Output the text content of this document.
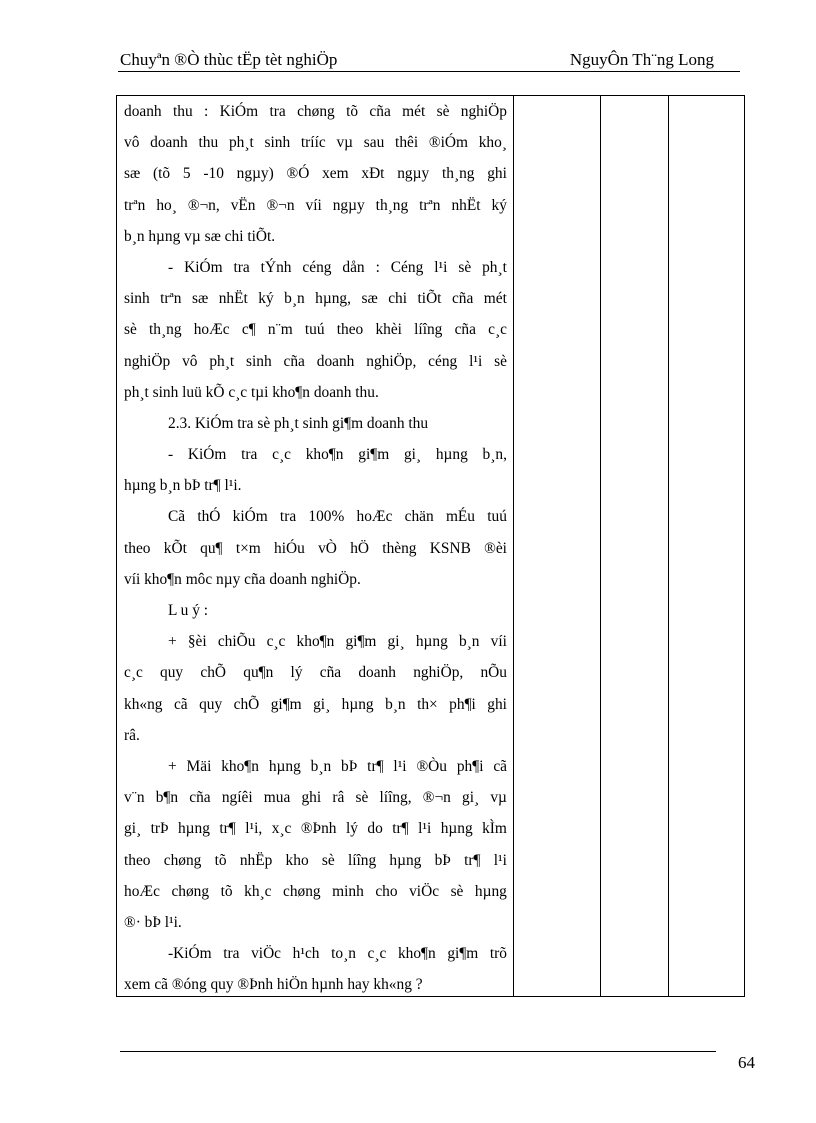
Chuyªn ®Ò thùc tËp tèt nghiÖp	NguyÔn Th¨ng Long
doanh thu : KiÓm tra chøng tõ cña mét sè nghiÖp
vô doanh thu ph¸t sinh trííc vµ sau thêi ®iÓm kho¸
sæ (tõ 5 -10 ngµy) ®Ó xem xÐt ngµy th¸ng ghi
trªn ho¸ ®¬n, vËn ®¬n víi ngµy th¸ng trªn nhËt ký
b¸n hµng vµ sæ chi tiÕt.
- KiÓm tra tÝnh céng dån : Céng l¹i sè ph¸t
sinh trªn sæ nhËt ký b¸n hµng, sæ chi tiÕt cña mét
sè th¸ng hoÆc c¶ n¨m tuú theo khèi líîng cña c¸c
nghiÖp vô ph¸t sinh cña doanh nghiÖp, céng l¹i sè
ph¸t sinh luü kÕ c¸c tµi kho¶n doanh thu.
2.3. KiÓm tra sè ph¸t sinh gi¶m doanh thu
- KiÓm tra c¸c kho¶n gi¶m gi¸ hµng b¸n,
hµng b¸n bÞ tr¶ l¹i.
Cã thÓ kiÓm tra 100% hoÆc chän mÉu tuú
theo kÕt qu¶ t×m hiÓu vÒ hÖ thèng KSNB ®èi
víi kho¶n môc nµy cña doanh nghiÖp.
L u ý :
+ §èi chiÕu c¸c kho¶n gi¶m gi¸ hµng b¸n víi
c¸c quy chÕ qu¶n lý cña doanh nghiÖp, nÕu
kh«ng cã quy chÕ gi¶m gi¸ hµng b¸n th× ph¶i ghi
râ.
+ Mäi kho¶n hµng b¸n bÞ tr¶ l¹i ®Òu ph¶i cã
v¨n b¶n cña ngíêi mua ghi râ sè líîng, ®¬n gi¸ vµ
gi¸ trÞ hµng tr¶ l¹i, x¸c ®Þnh lý do tr¶ l¹i hµng kÌm
theo chøng tõ nhËp kho sè líîng hµng bÞ tr¶ l¹i
hoÆc chøng tõ kh¸c chøng minh cho viÖc sè hµng
®· bÞ l¹i.
-KiÓm tra viÖc h¹ch to¸n c¸c kho¶n gi¶m trõ
xem cã ®óng quy ®Þnh hiÖn hµnh hay kh«ng ?
64
